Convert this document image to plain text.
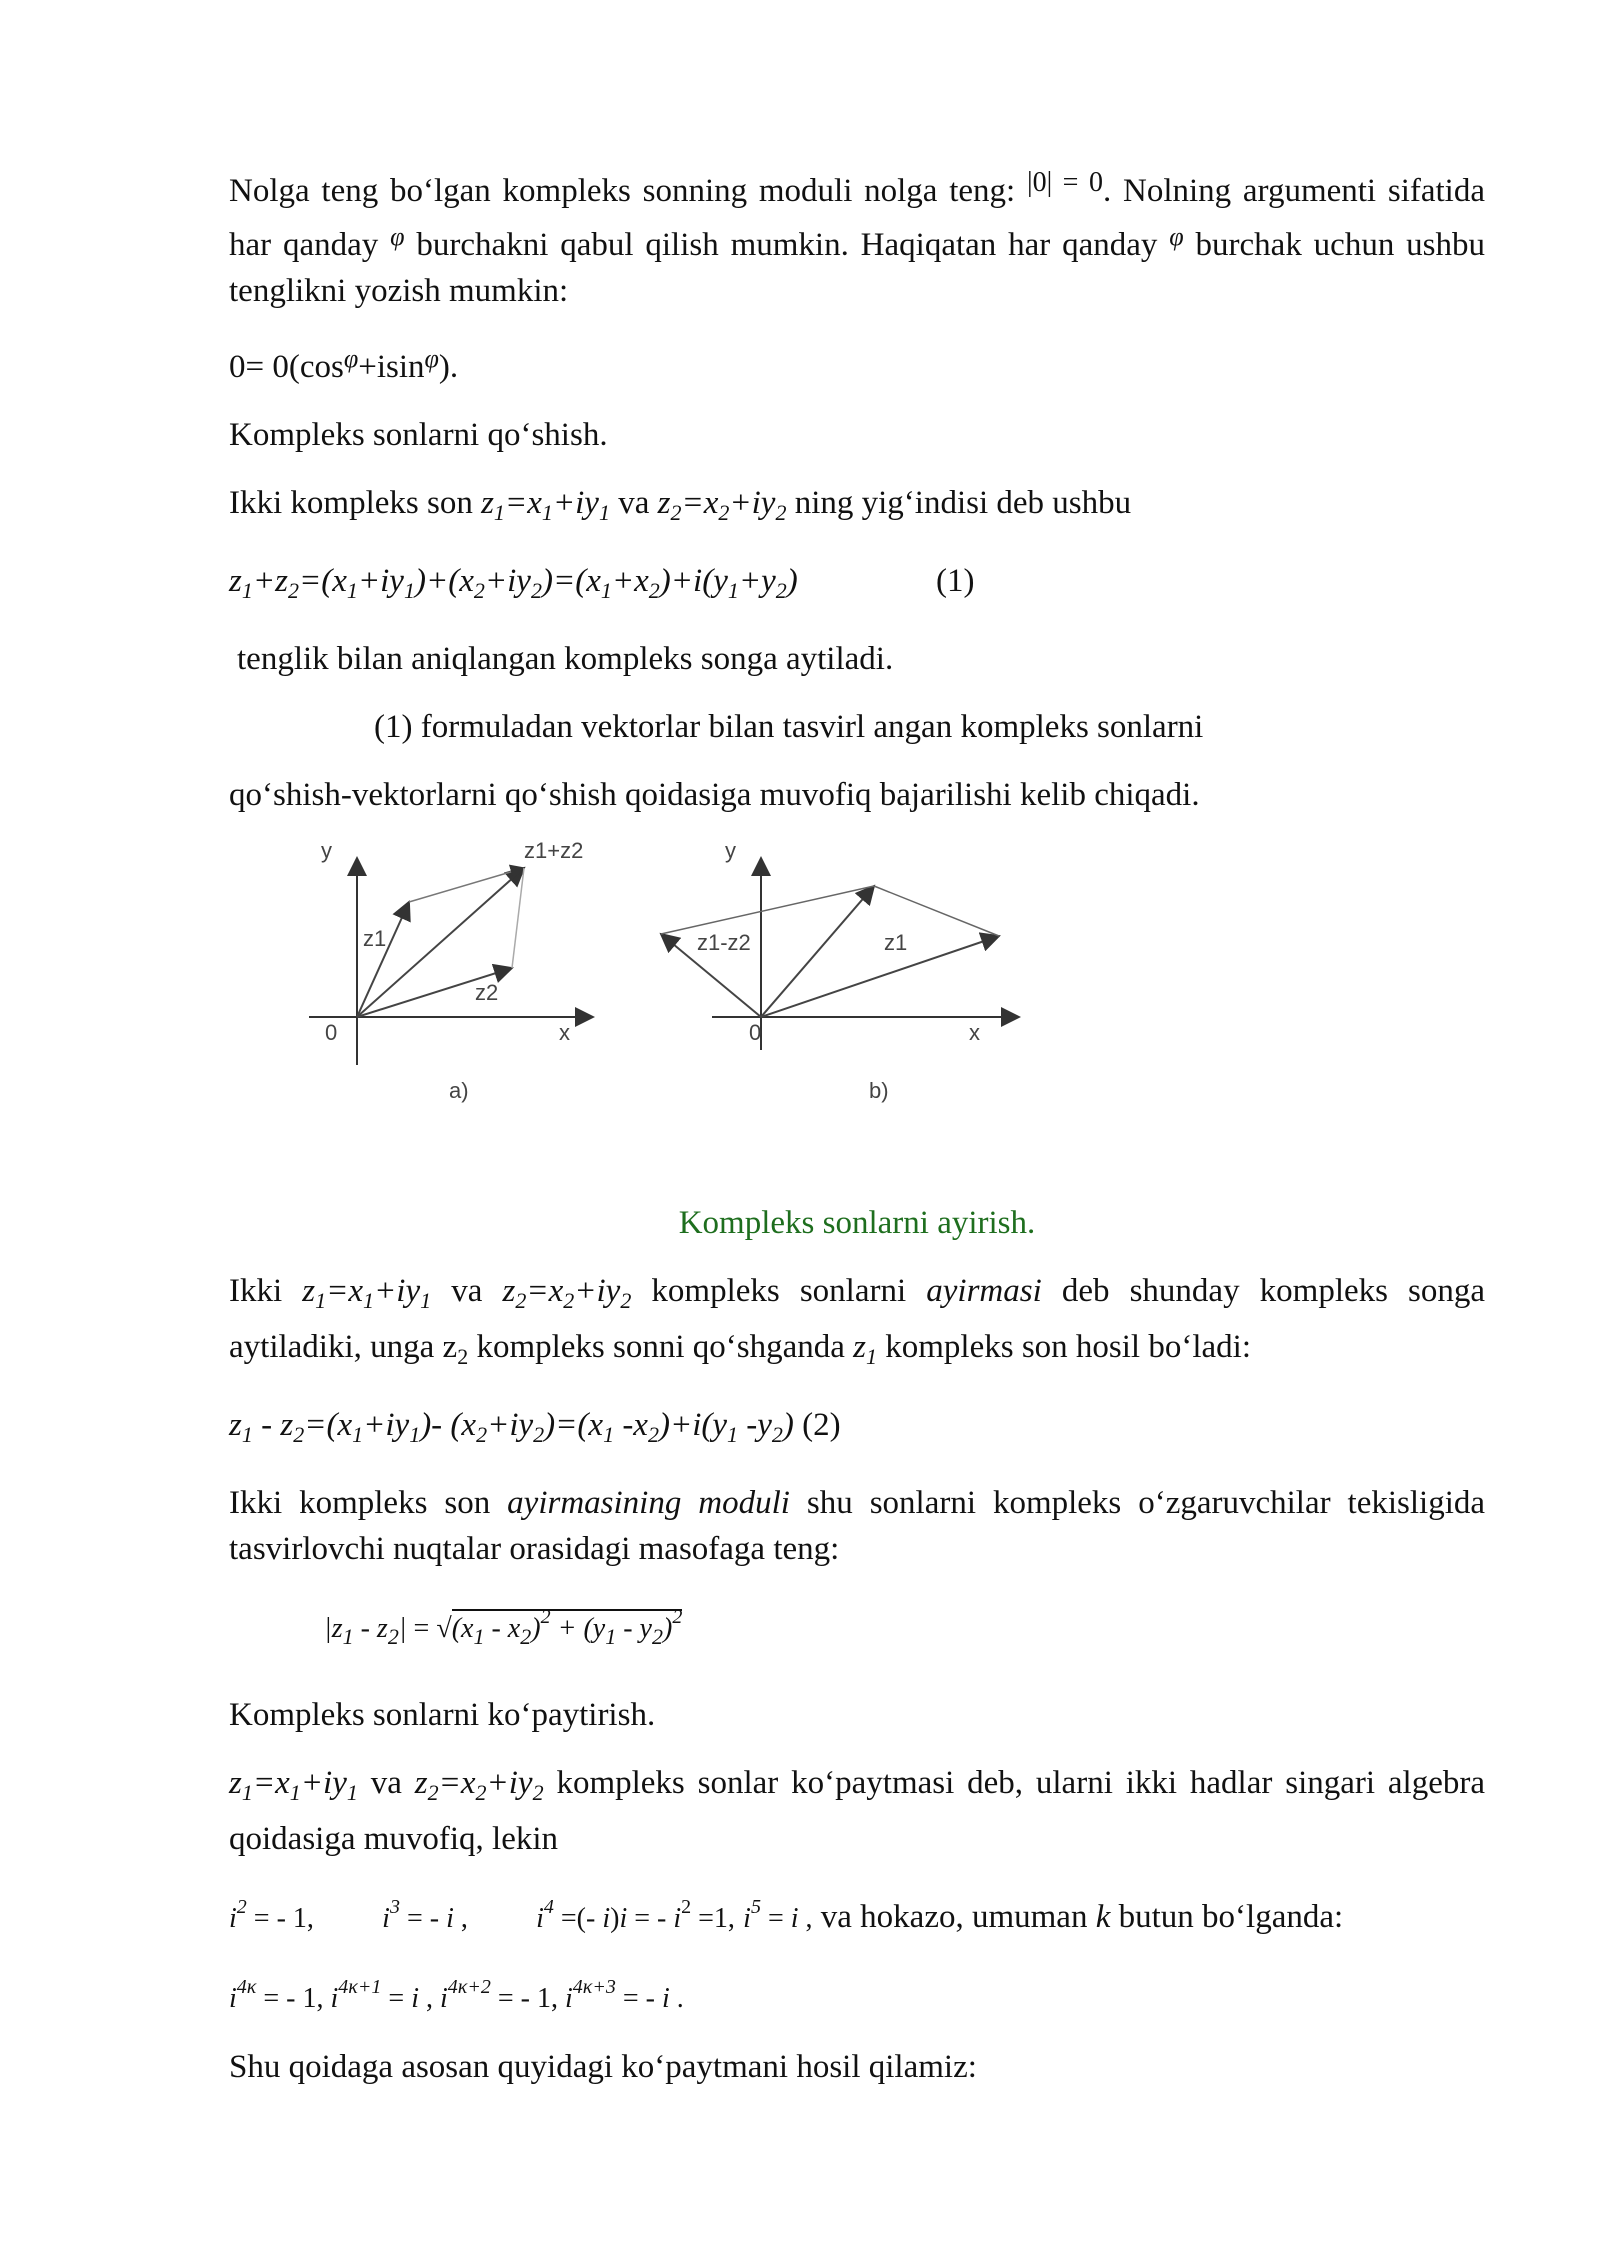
Nolga teng bo‘lgan kompleks sonning moduli nolga teng: $^{|0| = 0}$. Nolning argumenti sifatida har qanday $^\varphi$ burchakni qabul qilish mumkin. Haqiqatan har qanday $^\varphi$ burchak uchun ushbu tenglikni yozish mumkin:

$0= 0(\cos^\varphi+isin^\varphi)$.

Kompleks sonlarni qo‘shish.

Ikki kompleks son $z_1=x_1+iy_1$ va $z_2=x_2+iy_2$ ning yig‘indisi deb ushbu

$z_1+z_2=(x_1+iy_1)+(x_2+iy_2)=(x_1+x_2)+i(y_1+y_2)$	(1)

tenglik bilan aniqlangan kompleks songa aytiladi.

(1) formuladan vektorlar bilan tasvirl angan kompleks sonlarni

qo‘shish-vektorlarni qo‘shish qoidasiga muvofiq bajarilishi kelib chiqadi.

y
x
0
z1
z2
z1+z2
a)
y
x
0
z1
z1-z2
b)

Kompleks sonlarni ayirish.

Ikki $z_1=x_1+iy_1$ va $z_2=x_2+iy_2$ kompleks sonlarni ayirmasi deb shunday kompleks songa aytiladiki, unga $z_2$ kompleks sonni qo‘shganda $z_1$ kompleks son hosil bo‘ladi:

$z_1 - z_2=(x_1+iy_1)-$ $(x_2+iy_2)=(x_1$ $-x_2)+i(y_1$ $-y_2$) (2)

Ikki kompleks son ayirmasining moduli shu sonlarni kompleks o‘zgaruvchilar tekisligida tasvirlovchi nuqtalar orasidagi masofaga teng:

$|z_1 - z_2| = √(x_1 - x_2)^2 + (y_1 - y_2)^2$

Kompleks sonlarni ko‘paytirish.

$z_1=x_1+iy_1$ va $z_2=x_2+iy_2$ kompleks sonlar ko‘paytmasi deb, ularni ikki hadlar singari algebra qoidasiga muvofiq, lekin

$i^2$ = - 1, $i^3$ = - i , $i^4$ =(- i)i = - $i^2 =1$, $i^5 = i$ , va hokazo, umuman k butun bo‘lganda:

$i^{4\kappa}$ = - 1, $i^{4\kappa+1} = i$ , $i^{4\kappa+2}$ = - 1, $i^{4\kappa+3}$ = - i .

Shu qoidaga asosan quyidagi ko‘paytmani hosil qilamiz:
